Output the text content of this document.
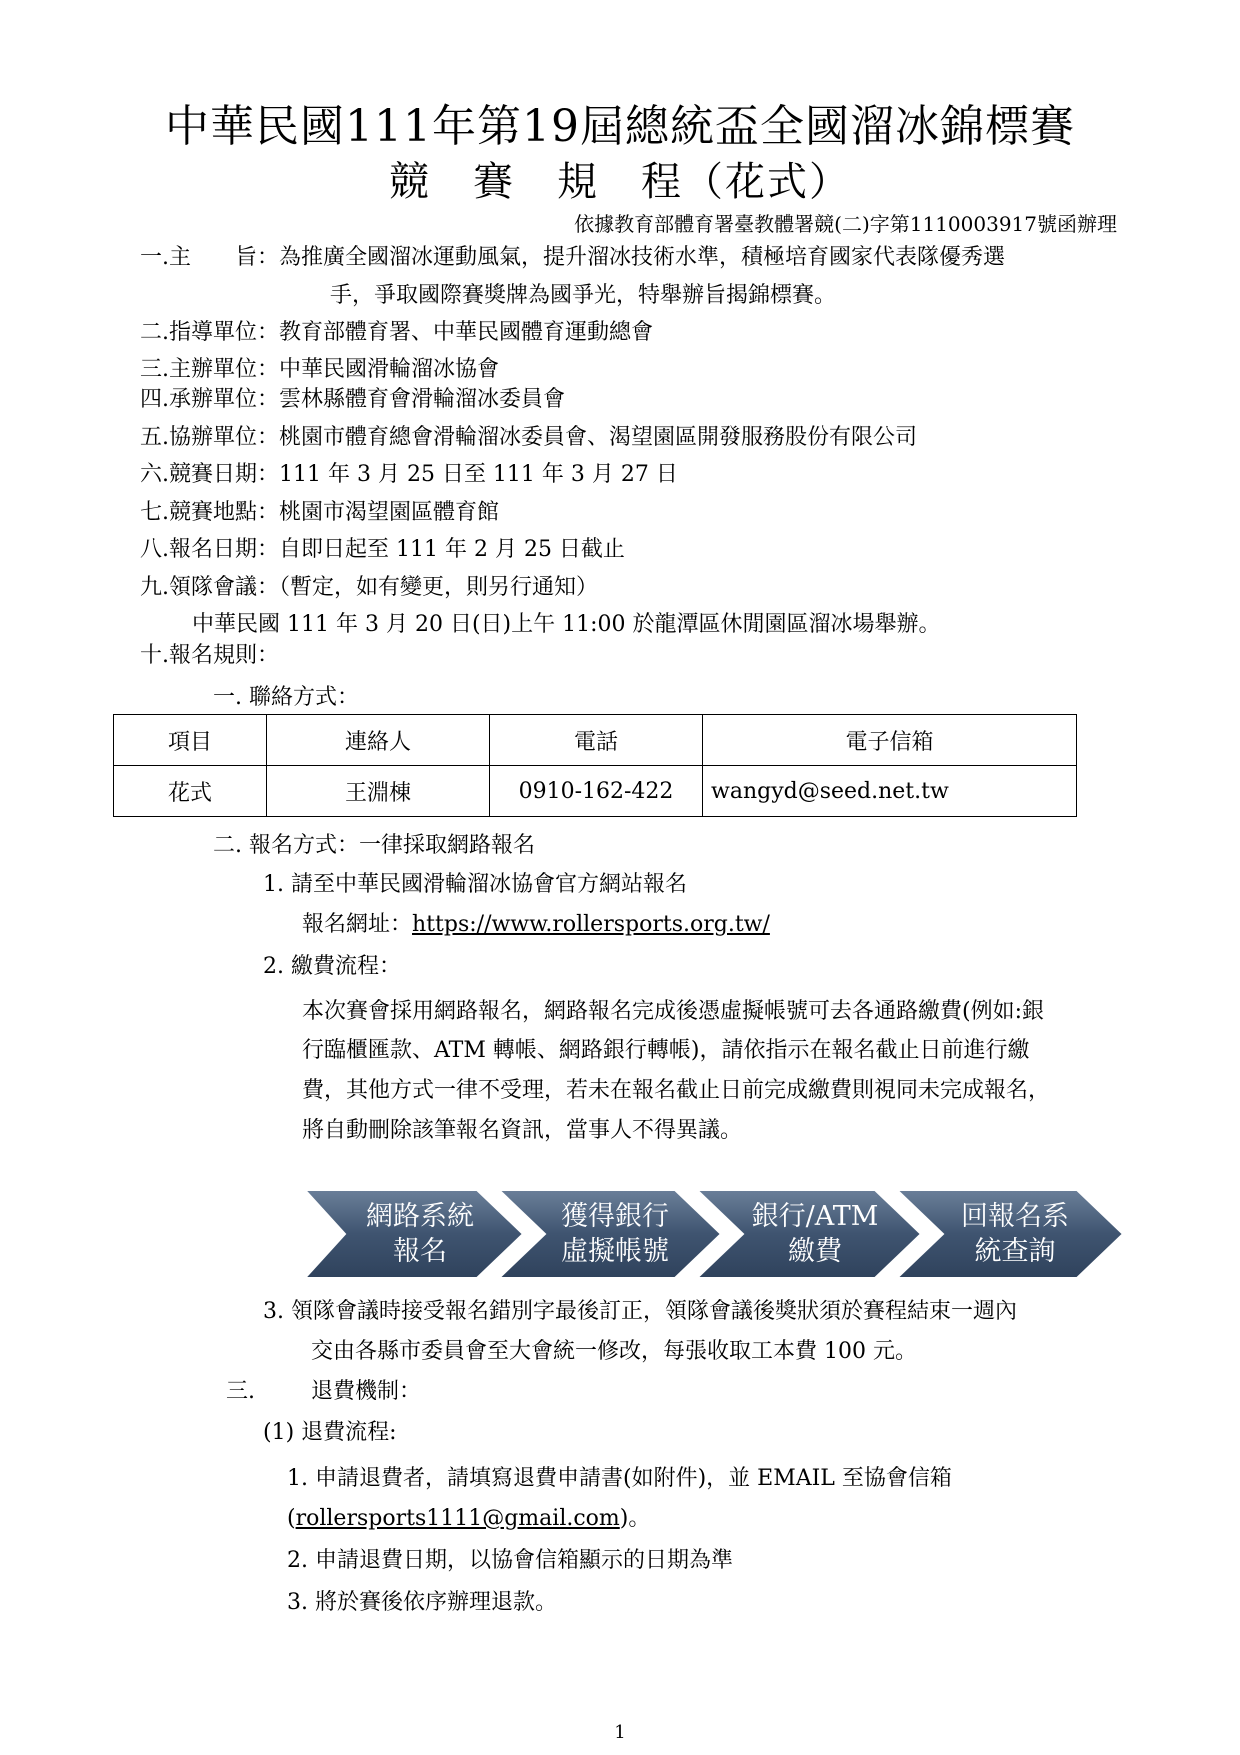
中華民國111年第19屆總統盃全國溜冰錦標賽
競　賽　規　程（花式）
依據教育部體育署臺教體署競(二)字第1110003917號函辦理
一.主　　旨：為推廣全國溜冰運動風氣，提升溜冰技術水準，積極培育國家代表隊優秀選
手，爭取國際賽獎牌為國爭光，特舉辦旨揭錦標賽。
二.指導單位：教育部體育署、中華民國體育運動總會
三.主辦單位：中華民國滑輪溜冰協會
四.承辦單位：雲林縣體育會滑輪溜冰委員會
五.協辦單位：桃園市體育總會滑輪溜冰委員會、渴望園區開發服務股份有限公司
六.競賽日期：111 年 3 月 25 日至 111 年 3 月 27 日
七.競賽地點：桃園市渴望園區體育館
八.報名日期：自即日起至 111 年 2 月 25 日截止
九.領隊會議：（暫定，如有變更，則另行通知）
中華民國 111 年 3 月 20 日(日)上午 11:00 於龍潭區休閒園區溜冰場舉辦。
十.報名規則：
一. 聯絡方式：
項目	連絡人	電話	電子信箱
花式	王淵棟	0910-162-422	wangyd@seed.net.tw
二. 報名方式：一律採取網路報名
1. 請至中華民國滑輪溜冰協會官方網站報名
報名網址：https://www.rollersports.org.tw/
2. 繳費流程：
本次賽會採用網路報名，網路報名完成後憑虛擬帳號可去各通路繳費(例如:銀
行臨櫃匯款、ATM 轉帳、網路銀行轉帳)，請依指示在報名截止日前進行繳
費，其他方式一律不受理，若未在報名截止日前完成繳費則視同未完成報名，
將自動刪除該筆報名資訊，當事人不得異議。
網路系統
報名
獲得銀行
虛擬帳號
銀行/ATM
繳費
回報名系
統查詢
3. 領隊會議時接受報名錯別字最後訂正，領隊會議後獎狀須於賽程結束一週內
交由各縣市委員會至大會統一修改，每張收取工本費 100 元。
三.	退費機制：
(1) 退費流程:
1. 申請退費者，請填寫退費申請書(如附件)，並 EMAIL 至協會信箱
(rollersports1111@gmail.com)。
2. 申請退費日期，以協會信箱顯示的日期為準
3. 將於賽後依序辦理退款。
1
